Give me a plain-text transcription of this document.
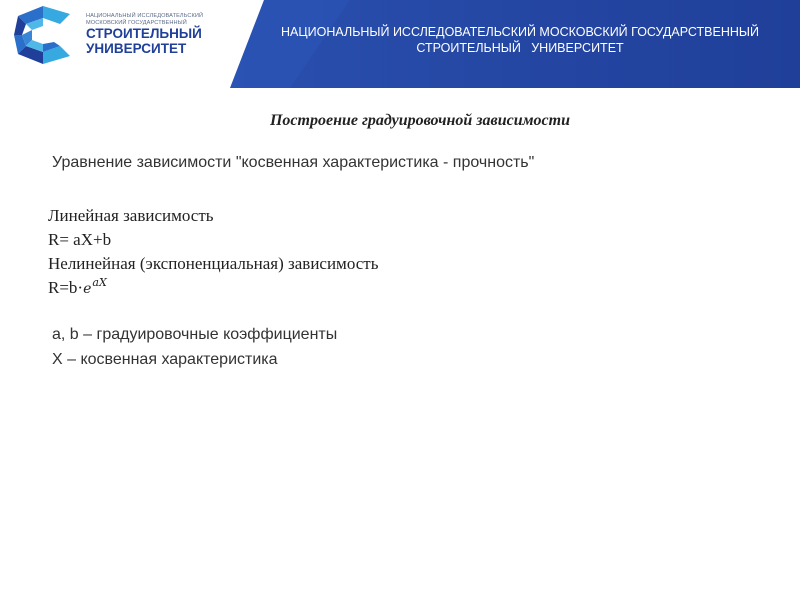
НАЦИОНАЛЬНЫЙ ИССЛЕДОВАТЕЛЬСКИЙ
МОСКОВСКИЙ ГОСУДАРСТВЕННЫЙ
СТРОИТЕЛЬНЫЙ
УНИВЕРСИТЕТ
НАЦИОНАЛЬНЫЙ ИССЛЕДОВАТЕЛЬСКИЙ МОСКОВСКИЙ ГОСУДАРСТВЕННЫЙ
СТРОИТЕЛЬНЫЙ   УНИВЕРСИТЕТ
Построение градуировочной зависимости
Уравнение зависимости "косвенная характеристика - прочность"
Линейная зависимость
R= aX+b
Нелинейная (экспоненциальная) зависимость
$R=b\cdot e^{aX}$
a, b – градуировочные коэффициенты
X – косвенная характеристика
